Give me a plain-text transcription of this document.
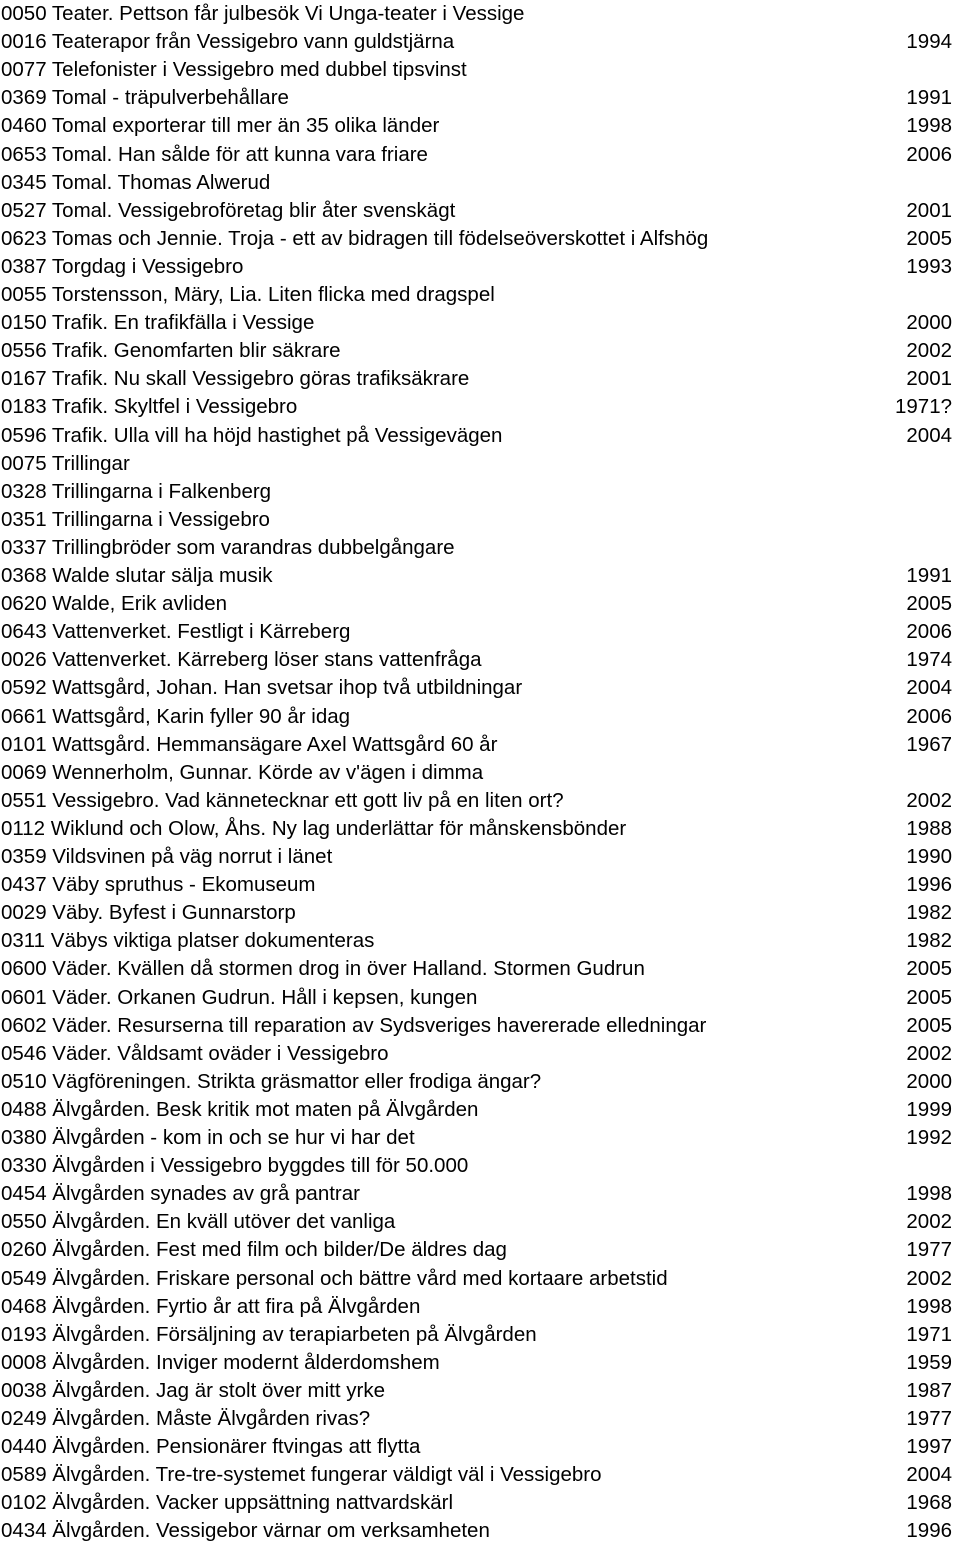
0050 Teater. Pettson får julbesök Vi Unga-teater i Vessige
0016 Teaterapor från Vessigebro vann guldstjärna	1994
0077 Telefonister i Vessigebro med dubbel tipsvinst
0369 Tomal - träpulverbehållare	1991
0460 Tomal exporterar till mer än 35 olika länder	1998
0653 Tomal. Han sålde för att kunna vara friare	2006
0345 Tomal. Thomas Alwerud
0527 Tomal. Vessigebroföretag blir åter svenskägt	2001
0623 Tomas och Jennie. Troja - ett av bidragen till födelseöverskottet i Alfshög	2005
0387 Torgdag i Vessigebro	1993
0055 Torstensson, Märy, Lia. Liten flicka med dragspel
0150 Trafik. En trafikfälla i Vessige	2000
0556 Trafik. Genomfarten blir säkrare	2002
0167 Trafik. Nu skall Vessigebro göras trafiksäkrare	2001
0183 Trafik. Skyltfel i Vessigebro	1971?
0596 Trafik. Ulla vill ha höjd hastighet på Vessigevägen	2004
0075 Trillingar
0328 Trillingarna i Falkenberg
0351 Trillingarna i Vessigebro
0337 Trillingbröder som varandras dubbelgångare
0368 Walde slutar sälja musik	1991
0620 Walde, Erik avliden	2005
0643 Vattenverket. Festligt i Kärreberg	2006
0026 Vattenverket. Kärreberg löser stans vattenfråga	1974
0592 Wattsgård, Johan. Han svetsar ihop två utbildningar	2004
0661 Wattsgård, Karin fyller 90 år idag	2006
0101 Wattsgård. Hemmansägare Axel Wattsgård 60 år	1967
0069 Wennerholm, Gunnar. Körde av v'ägen i dimma
0551 Vessigebro. Vad kännetecknar ett gott liv på en liten ort?	2002
0112 Wiklund och Olow, Åhs. Ny lag underlättar för månskensbönder	1988
0359 Vildsvinen på väg norrut i länet	1990
0437 Väby spruthus - Ekomuseum	1996
0029 Väby. Byfest i Gunnarstorp	1982
0311 Väbys viktiga platser dokumenteras	1982
0600 Väder. Kvällen då stormen drog in över Halland. Stormen Gudrun	2005
0601 Väder. Orkanen Gudrun. Håll i kepsen, kungen	2005
0602 Väder. Resurserna till reparation av Sydsveriges havererade elledningar	2005
0546 Väder. Våldsamt oväder i Vessigebro	2002
0510 Vägföreningen. Strikta gräsmattor eller frodiga ängar?	2000
0488 Älvgården. Besk kritik mot maten på Älvgården	1999
0380 Älvgården - kom in och se hur vi har det	1992
0330 Älvgården i Vessigebro byggdes till för 50.000
0454 Älvgården synades av grå pantrar	1998
0550 Älvgården. En kväll utöver det vanliga	2002
0260 Älvgården. Fest med film och bilder/De äldres dag	1977
0549 Älvgården. Friskare personal och bättre vård med kortaare arbetstid	2002
0468 Älvgården. Fyrtio år att fira på Älvgården	1998
0193 Älvgården. Försäljning av terapiarbeten på Älvgården	1971
0008 Älvgården. Inviger modernt ålderdomshem	1959
0038 Älvgården. Jag är stolt över mitt yrke	1987
0249 Älvgården. Måste Älvgården rivas?	1977
0440 Älvgården. Pensionärer ftvingas att flytta	1997
0589 Älvgården. Tre-tre-systemet fungerar väldigt väl i Vessigebro	2004
0102 Älvgården. Vacker uppsättning nattvardskärl	1968
0434 Älvgården. Vessigebor värnar om verksamheten	1996
